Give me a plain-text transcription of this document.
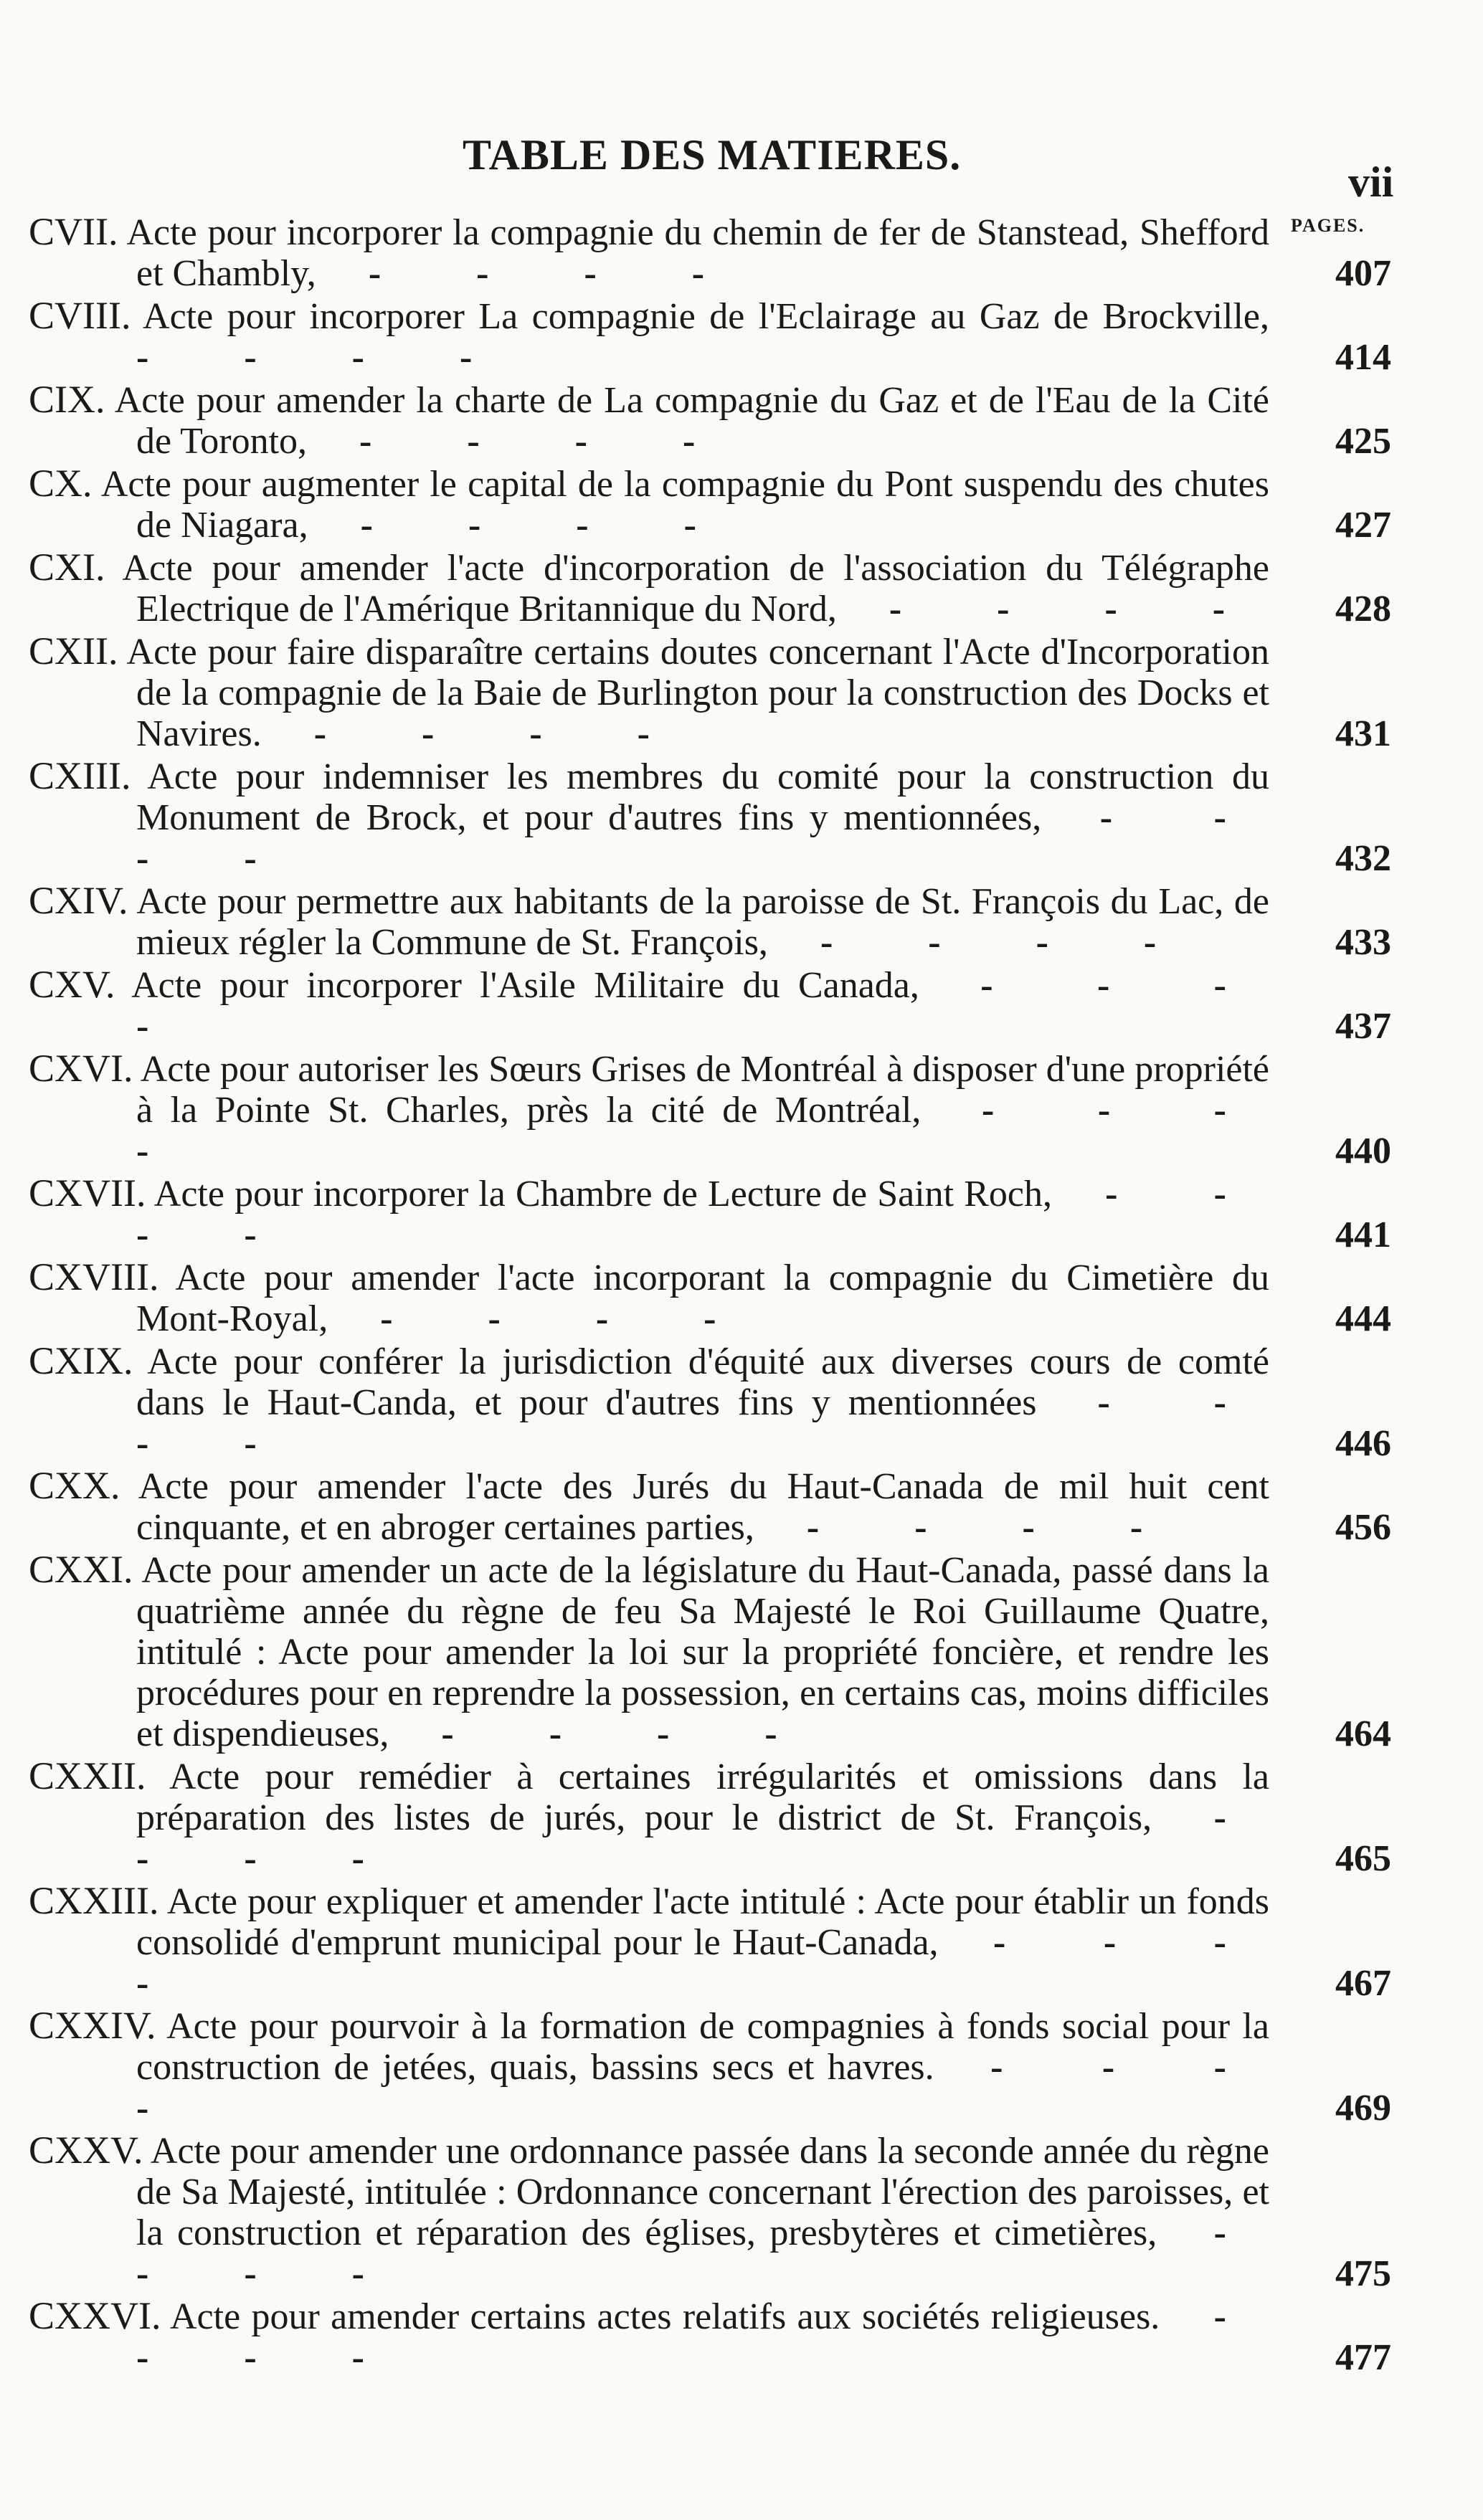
TABLE DES MATIERES.
vii
PAGES.
CVII. Acte pour incorporer la compagnie du chemin de fer de Stanstead, Shefford et Chambly, - - - -	407
CVIII. Acte pour incorporer La compagnie de l'Eclairage au Gaz de Brockville, - - - -	414
CIX. Acte pour amender la charte de La compagnie du Gaz et de l'Eau de la Cité de Toronto, - - - -	425
CX. Acte pour augmenter le capital de la compagnie du Pont suspendu des chutes de Niagara, - - - -	427
CXI. Acte pour amender l'acte d'incorporation de l'association du Télégraphe Electrique de l'Amérique Britannique du Nord, - - - - 428
CXII. Acte pour faire disparaître certains doutes concernant l'Acte d'Incorporation de la compagnie de la Baie de Burlington pour la construction des Docks et Navires. - - - -	431
CXIII. Acte pour indemniser les membres du comité pour la construction du Monument de Brock, et pour d'autres fins y mentionnées, - - - -	432
CXIV. Acte pour permettre aux habitants de la paroisse de St. François du Lac, de mieux régler la Commune de St. François, - - - -	433
CXV. Acte pour incorporer l'Asile Militaire du Canada, - - - -	437
CXVI. Acte pour autoriser les Sœurs Grises de Montréal à disposer d'une propriété à la Pointe St. Charles, près la cité de Montréal, - - - -	440
CXVII. Acte pour incorporer la Chambre de Lecture de Saint Roch, - - - -	441
CXVIII. Acte pour amender l'acte incorporant la compagnie du Cimetière du Mont-Royal, - - - -	444
CXIX. Acte pour conférer la jurisdiction d'équité aux diverses cours de comté dans le Haut-Canda, et pour d'autres fins y mentionnées - - - -	446
CXX. Acte pour amender l'acte des Jurés du Haut-Canada de mil huit cent cinquante, et en abroger certaines parties, - - - -	456
CXXI. Acte pour amender un acte de la législature du Haut-Canada, passé dans la quatrième année du règne de feu Sa Majesté le Roi Guillaume Quatre, intitulé : Acte pour amender la loi sur la propriété foncière, et rendre les procédures pour en reprendre la possession, en certains cas, moins difficiles et dispendieuses, - - - -	464
CXXII. Acte pour remédier à certaines irrégularités et omissions dans la préparation des listes de jurés, pour le district de St. François, - - - -	465
CXXIII. Acte pour expliquer et amender l'acte intitulé : Acte pour établir un fonds consolidé d'emprunt municipal pour le Haut-Canada, - - - -	467
CXXIV. Acte pour pourvoir à la formation de compagnies à fonds social pour la construction de jetées, quais, bassins secs et havres. - - - -	469
CXXV. Acte pour amender une ordonnance passée dans la seconde année du règne de Sa Majesté, intitulée : Ordonnance concernant l'érection des paroisses, et la construction et réparation des églises, presbytères et cimetières, - - - -	475
CXXVI. Acte pour amender certains actes relatifs aux sociétés religieuses. - - - -	477
